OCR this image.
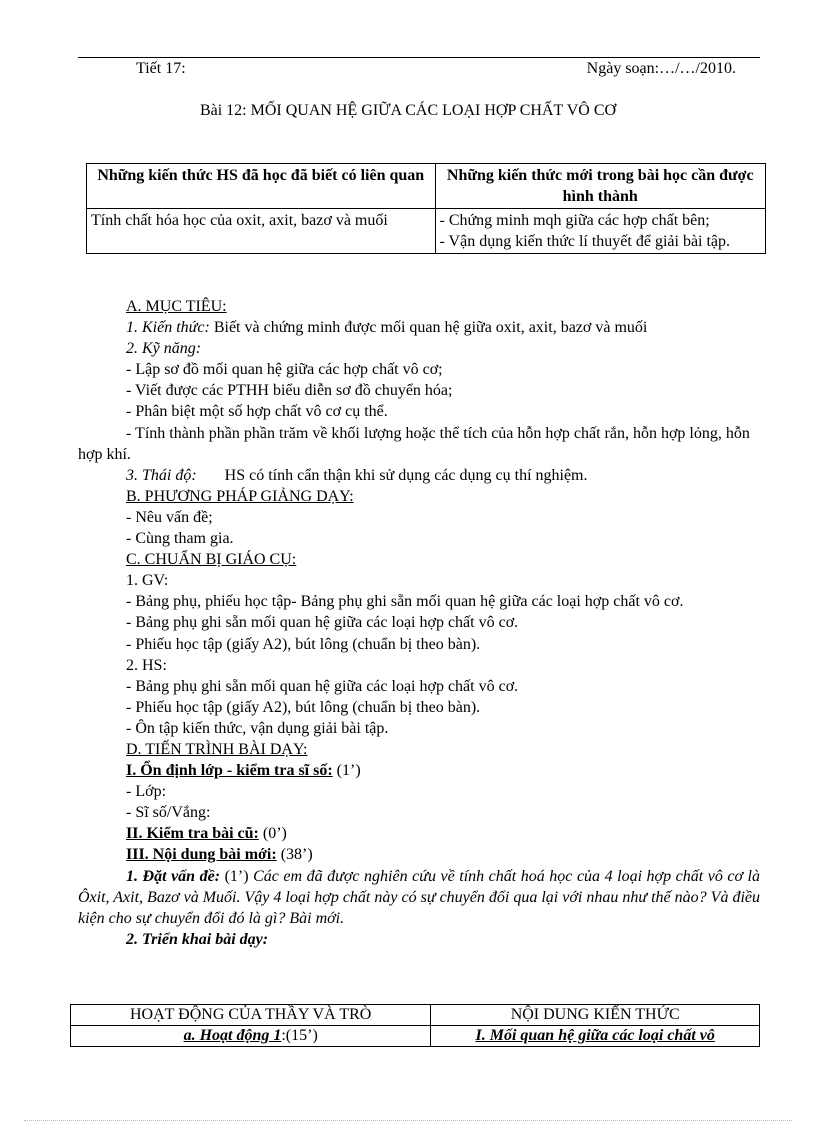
Tiết 17:	Ngày soạn:…/…/2010.
Bài 12: MỐI QUAN HỆ GIỮA CÁC LOẠI HỢP CHẤT VÔ CƠ
Những kiến thức HS đã học đã biết có liên quan	Những kiến thức mới trong bài học cần được hình thành
Tính chất hóa học của oxit, axit, bazơ và muối	- Chứng minh mqh giữa các hợp chất bên;
- Vận dụng kiến thức lí thuyết để giải bài tập.

A. MỤC TIÊU:

1. Kiến thức: Biết và chứng minh được mối quan hệ giữa oxit, axit, bazơ và muối

2. Kỹ năng:

- Lập sơ đồ mối quan hệ giữa các hợp chất vô cơ;

- Viết được các PTHH biểu diễn sơ đồ chuyển hóa;

- Phân biệt một số hợp chất vô cơ cụ thể.

- Tính thành phần phần trăm về khối lượng hoặc thể tích của hỗn hợp chất rắn, hỗn hợp lỏng, hỗn hợp khí.

3. Thái độ: HS có tính cẩn thận khi sử dụng các dụng cụ thí nghiệm.

B. PHƯƠNG PHÁP GIẢNG DẠY:

- Nêu vấn đề;

- Cùng tham gia.

C. CHUẨN BỊ GIÁO CỤ:

1. GV:

- Bảng phụ, phiếu học tập- Bảng phụ ghi sẵn mối quan hệ giữa các loại hợp chất vô cơ.

- Bảng phụ ghi sẵn mối quan hệ giữa các loại hợp chất vô cơ.

- Phiếu học tập (giấy A2), bút lông (chuẩn bị theo bàn).

2. HS:

- Bảng phụ ghi sẵn mối quan hệ giữa các loại hợp chất vô cơ.

- Phiếu học tập (giấy A2), bút lông (chuẩn bị theo bàn).

- Ôn tập kiến thức, vận dụng giải bài tập.

D. TIẾN TRÌNH BÀI DẠY:

I. Ổn định lớp - kiểm tra sĩ số: (1’)

- Lớp:

- Sĩ số/Vắng:

II. Kiểm tra bài cũ: (0’)

III. Nội dung bài mới: (38’)

1. Đặt vấn đề: (1’) Các em đã được nghiên cứu về tính chất hoá học của 4 loại hợp chất vô cơ là Ôxit, Axit, Bazơ và Muối. Vậy 4 loại hợp chất này có sự chuyển đổi qua lại với nhau như thế nào? Và điều kiện cho sự chuyển đổi đó là gì? Bài mới.

2. Triển khai bài dạy:

HOẠT ĐỘNG CỦA THẦY VÀ TRÒ	NỘI DUNG KIẾN THỨC
a. Hoạt động 1:(15’)	I. Mối quan hệ giữa các loại chất vô
